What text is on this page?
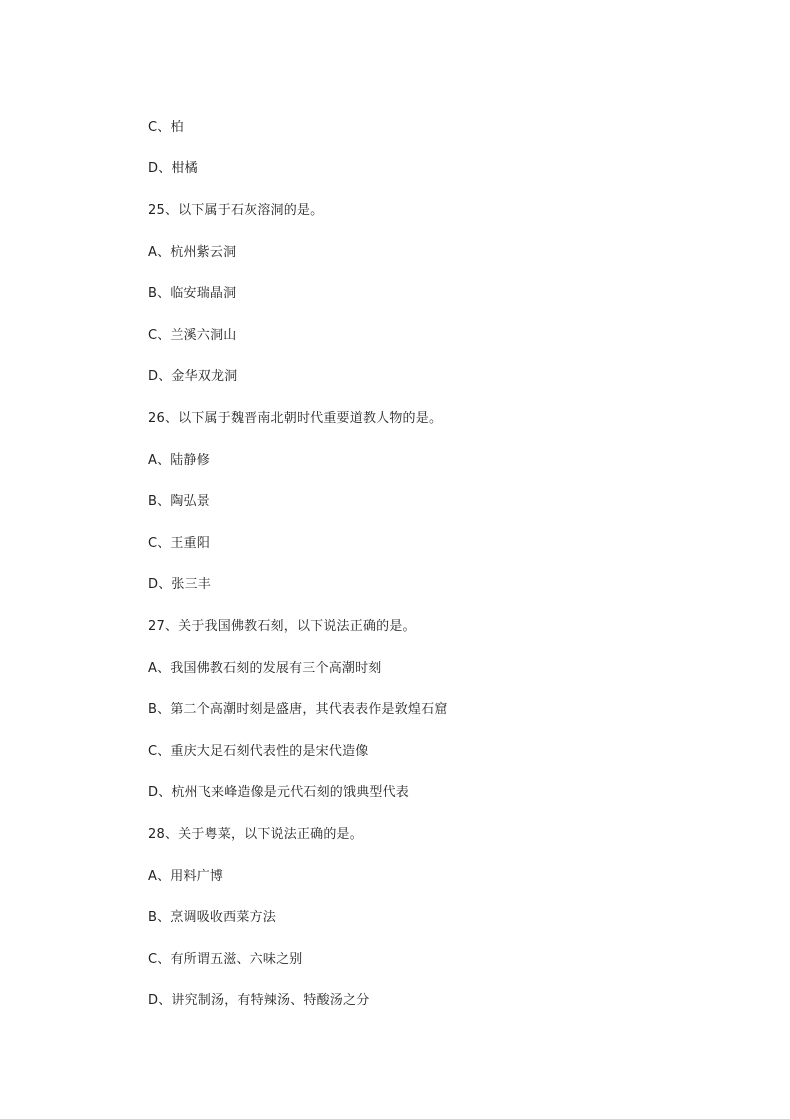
C、柏
D、柑橘
25、以下属于石灰溶洞的是。
A、杭州紫云洞
B、临安瑞晶洞
C、兰溪六洞山
D、金华双龙洞
26、以下属于魏晋南北朝时代重要道教人物的是。
A、陆静修
B、陶弘景
C、王重阳
D、张三丰
27、关于我国佛教石刻，以下说法正确的是。
A、我国佛教石刻的发展有三个高潮时刻
B、第二个高潮时刻是盛唐，其代表表作是敦煌石窟
C、重庆大足石刻代表性的是宋代造像
D、杭州飞来峰造像是元代石刻的饿典型代表
28、关于粤菜，以下说法正确的是。
A、用料广博
B、烹调吸收西菜方法
C、有所谓五滋、六味之别
D、讲究制汤，有特辣汤、特酸汤之分
